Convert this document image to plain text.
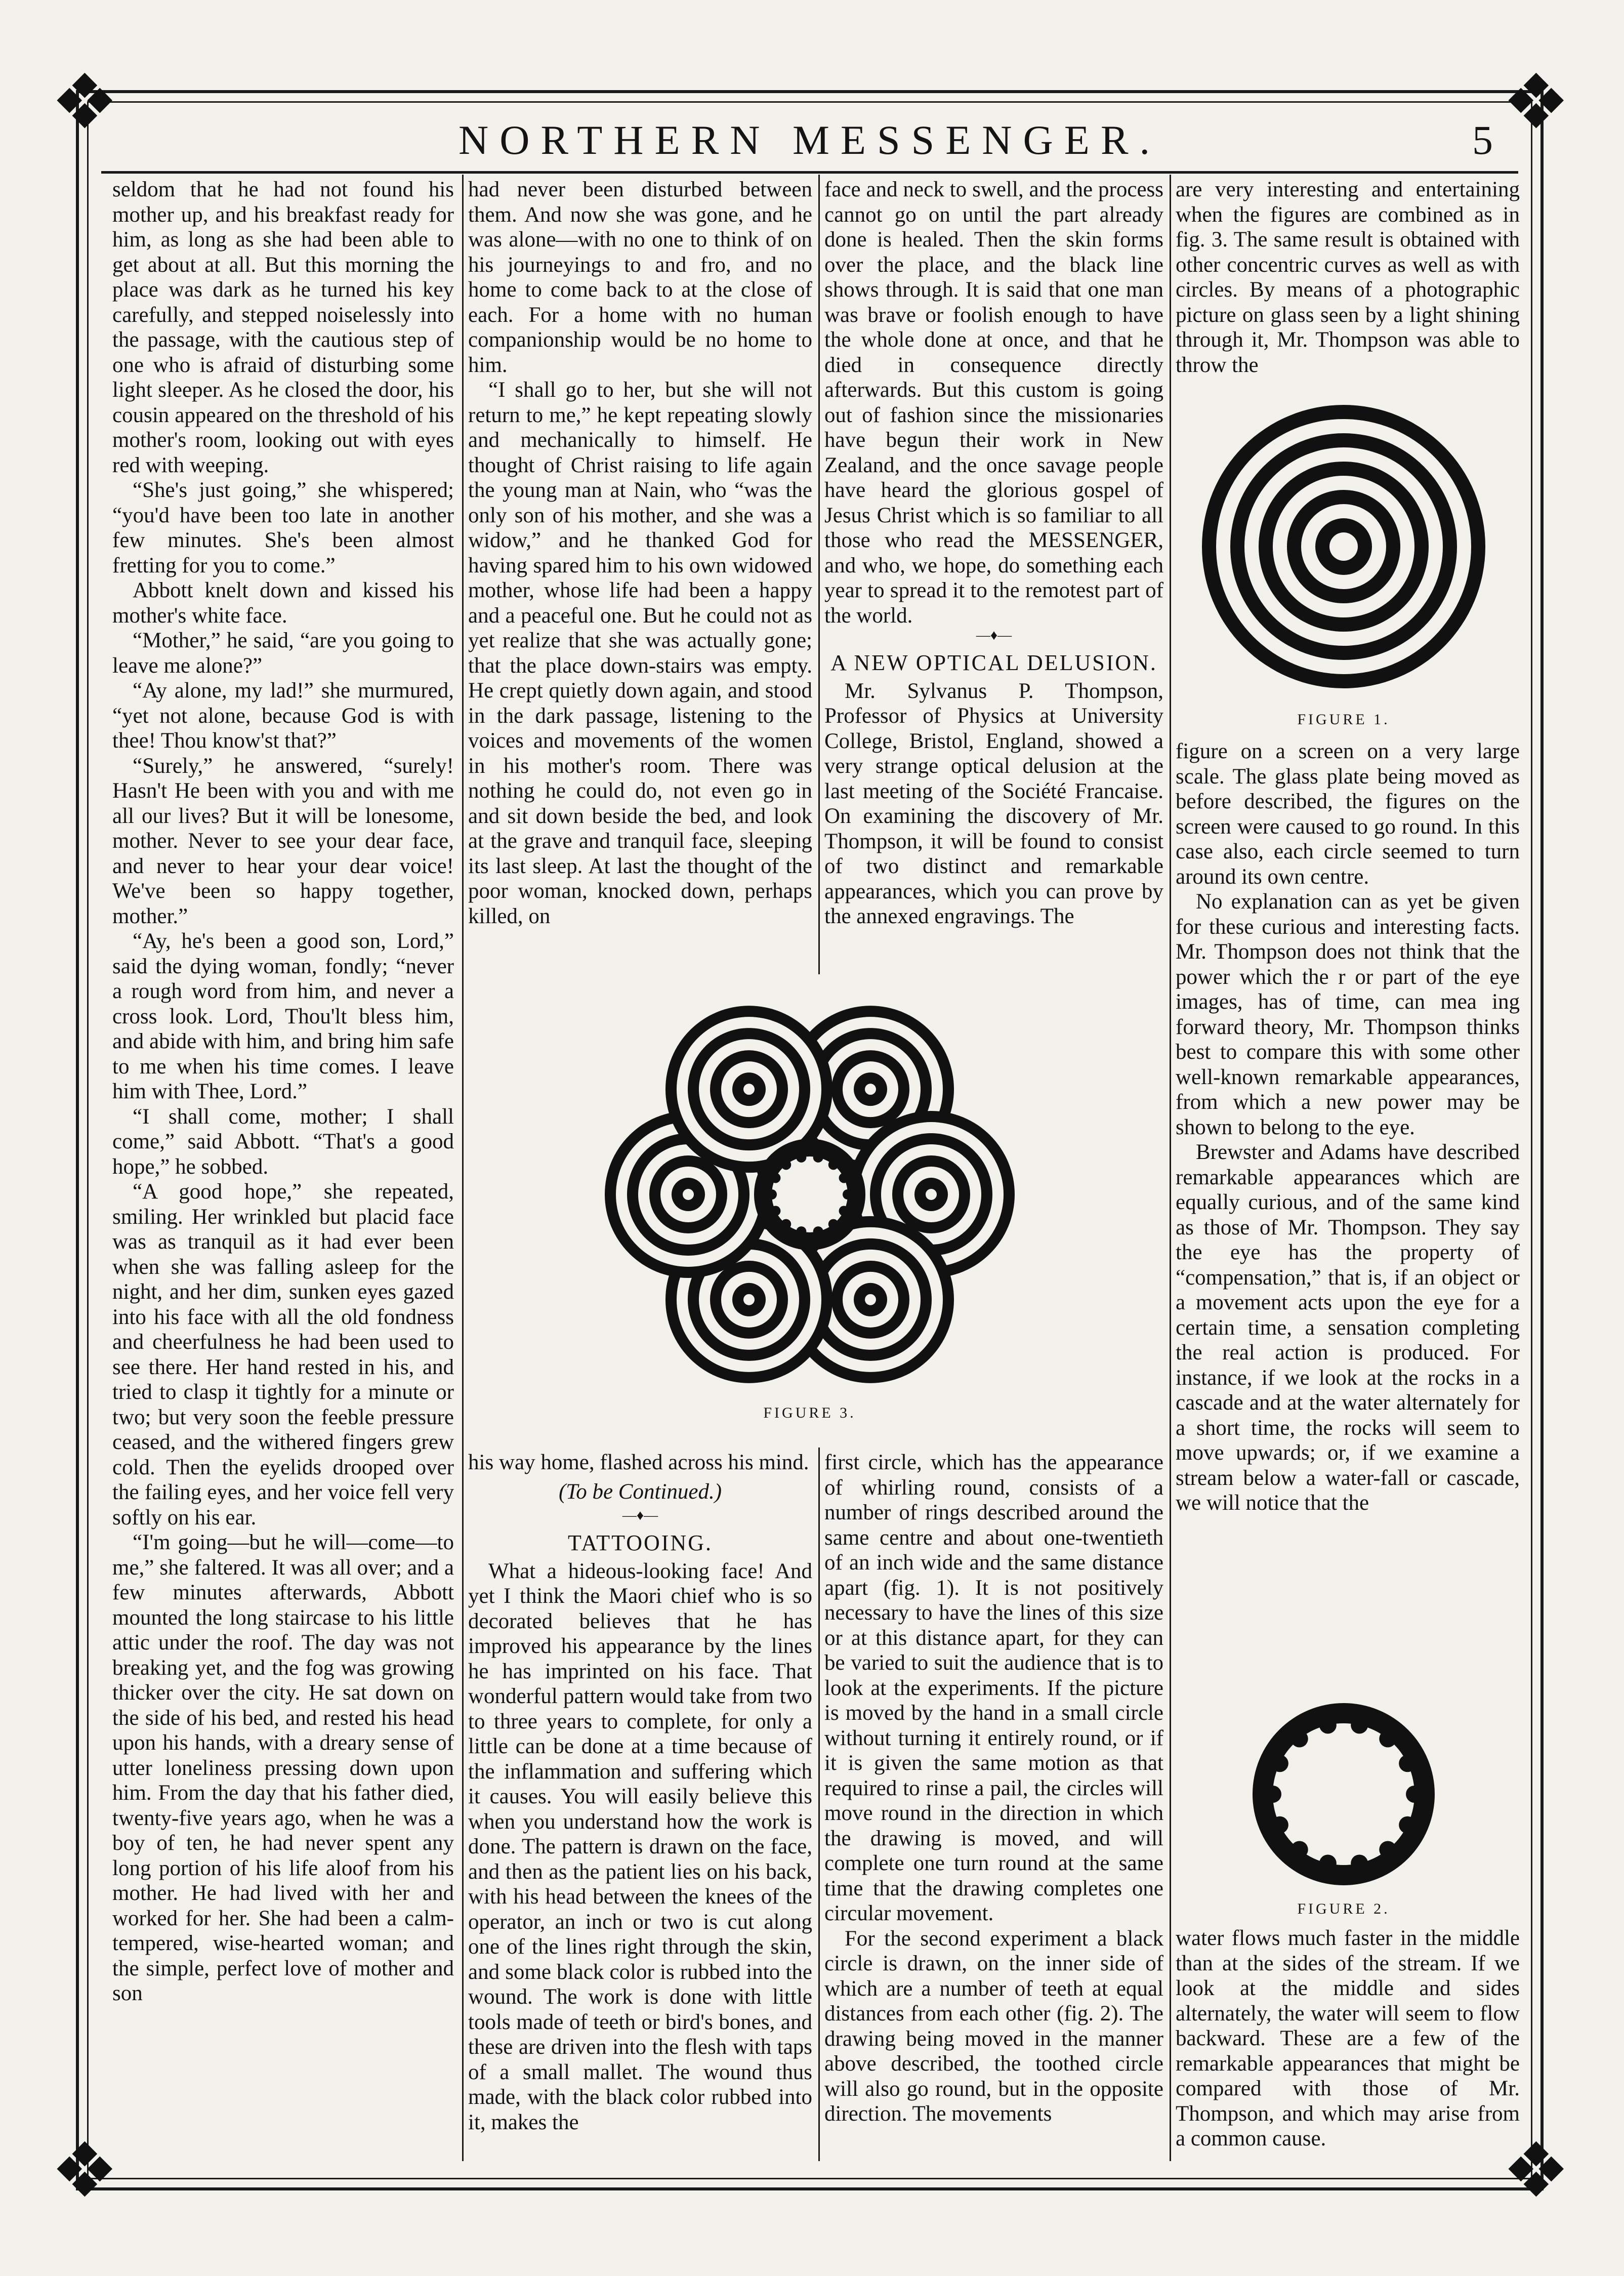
❖	❖
❖	❖
NORTHERN MESSENGER.	5

seldom that he had not found his mother up, and his breakfast ready for him, as long as she had been able to get about at all. But this morning the place was dark as he turned his key carefully, and stepped noiselessly into the passage, with the cautious step of one who is afraid of disturbing some light sleeper. As he closed the door, his cousin appeared on the threshold of his mother's room, looking out with eyes red with weeping.

“She's just going,” she whispered; “you'd have been too late in another few minutes. She's been almost fretting for you to come.”

Abbott knelt down and kissed his mother's white face.

“Mother,” he said, “are you going to leave me alone?”

“Ay alone, my lad!” she murmured, “yet not alone, because God is with thee! Thou know'st that?”

“Surely,” he answered, “surely! Hasn't He been with you and with me all our lives? But it will be lonesome, mother. Never to see your dear face, and never to hear your dear voice! We've been so happy together, mother.”

“Ay, he's been a good son, Lord,” said the dying woman, fondly; “never a rough word from him, and never a cross look. Lord, Thou'lt bless him, and abide with him, and bring him safe to me when his time comes. I leave him with Thee, Lord.”

“I shall come, mother; I shall come,” said Abbott. “That's a good hope,” he sobbed.

“A good hope,” she repeated, smiling. Her wrinkled but placid face was as tranquil as it had ever been when she was falling asleep for the night, and her dim, sunken eyes gazed into his face with all the old fondness and cheerfulness he had been used to see there. Her hand rested in his, and tried to clasp it tightly for a minute or two; but very soon the feeble pressure ceased, and the withered fingers grew cold. Then the eyelids drooped over the failing eyes, and her voice fell very softly on his ear.

“I'm going—but he will—come—to me,” she faltered. It was all over; and a few minutes afterwards, Abbott mounted the long staircase to his little attic under the roof. The day was not breaking yet, and the fog was growing thicker over the city. He sat down on the side of his bed, and rested his head upon his hands, with a dreary sense of utter loneliness pressing down upon him. From the day that his father died, twenty-five years ago, when he was a boy of ten, he had never spent any long portion of his life aloof from his mother. He had lived with her and worked for her. She had been a calm-tempered, wise-hearted woman; and the simple, perfect love of mother and son

had never been disturbed between them. And now she was gone, and he was alone—with no one to think of on his journeyings to and fro, and no home to come back to at the close of each. For a home with no human companionship would be no home to him.

“I shall go to her, but she will not return to me,” he kept repeating slowly and mechanically to himself. He thought of Christ raising to life again the young man at Nain, who “was the only son of his mother, and she was a widow,” and he thanked God for having spared him to his own widowed mother, whose life had been a happy and a peaceful one. But he could not as yet realize that she was actually gone; that the place down-stairs was empty. He crept quietly down again, and stood in the dark passage, listening to the voices and movements of the women in his mother's room. There was nothing he could do, not even go in and sit down beside the bed, and look at the grave and tranquil face, sleeping its last sleep. At last the thought of the poor woman, knocked down, perhaps killed, on

face and neck to swell, and the process cannot go on until the part already done is healed. Then the skin forms over the place, and the black line shows through. It is said that one man was brave or foolish enough to have the whole done at once, and that he died in consequence directly afterwards. But this custom is going out of fashion since the missionaries have begun their work in New Zealand, and the once savage people have heard the glorious gospel of Jesus Christ which is so familiar to all those who read the MESSENGER, and who, we hope, do something each year to spread it to the remotest part of the world.

—♦—

A NEW OPTICAL DELUSION.

Mr. Sylvanus P. Thompson, Professor of Physics at University College, Bristol, England, showed a very strange optical delusion at the last meeting of the Société Francaise. On examining the discovery of Mr. Thompson, it will be found to consist of two distinct and remarkable appearances, which you can prove by the annexed engravings. The

FIGURE 3.

his way home, flashed across his mind.

(To be Continued.)

—♦—

TATTOOING.

What a hideous-looking face! And yet I think the Maori chief who is so decorated believes that he has improved his appearance by the lines he has imprinted on his face. That wonderful pattern would take from two to three years to complete, for only a little can be done at a time because of the inflammation and suffering which it causes. You will easily believe this when you understand how the work is done. The pattern is drawn on the face, and then as the patient lies on his back, with his head between the knees of the operator, an inch or two is cut along one of the lines right through the skin, and some black color is rubbed into the wound. The work is done with little tools made of teeth or bird's bones, and these are driven into the flesh with taps of a small mallet. The wound thus made, with the black color rubbed into it, makes the

first circle, which has the appearance of whirling round, consists of a number of rings described around the same centre and about one-twentieth of an inch wide and the same distance apart (fig. 1). It is not positively necessary to have the lines of this size or at this distance apart, for they can be varied to suit the audience that is to look at the experiments. If the picture is moved by the hand in a small circle without turning it entirely round, or if it is given the same motion as that required to rinse a pail, the circles will move round in the direction in which the drawing is moved, and will complete one turn round at the same time that the drawing completes one circular movement.

For the second experiment a black circle is drawn, on the inner side of which are a number of teeth at equal distances from each other (fig. 2). The drawing being moved in the manner above described, the toothed circle will also go round, but in the opposite direction. The movements

are very interesting and entertaining when the figures are combined as in fig. 3. The same result is obtained with other concentric curves as well as with circles. By means of a photographic picture on glass seen by a light shining through it, Mr. Thompson was able to throw the

FIGURE 1.

figure on a screen on a very large scale. The glass plate being moved as before described, the figures on the screen were caused to go round. In this case also, each circle seemed to turn around its own centre.

No explanation can as yet be given for these curious and interesting facts. Mr. Thompson does not think that the power which the r or part of the eye images, has of time, can mea ing forward theory, Mr. Thompson thinks best to compare this with some other well-known remarkable appearances, from which a new power may be shown to belong to the eye.

Brewster and Adams have described remarkable appearances which are equally curious, and of the same kind as those of Mr. Thompson. They say the eye has the property of “compensation,” that is, if an object or a movement acts upon the eye for a certain time, a sensation completing the real action is produced. For instance, if we look at the rocks in a cascade and at the water alternately for a short time, the rocks will seem to move upwards; or, if we examine a stream below a water-fall or cascade, we will notice that the

FIGURE 2.

water flows much faster in the middle than at the sides of the stream. If we look at the middle and sides alternately, the water will seem to flow backward. These are a few of the remarkable appearances that might be compared with those of Mr. Thompson, and which may arise from a common cause.
